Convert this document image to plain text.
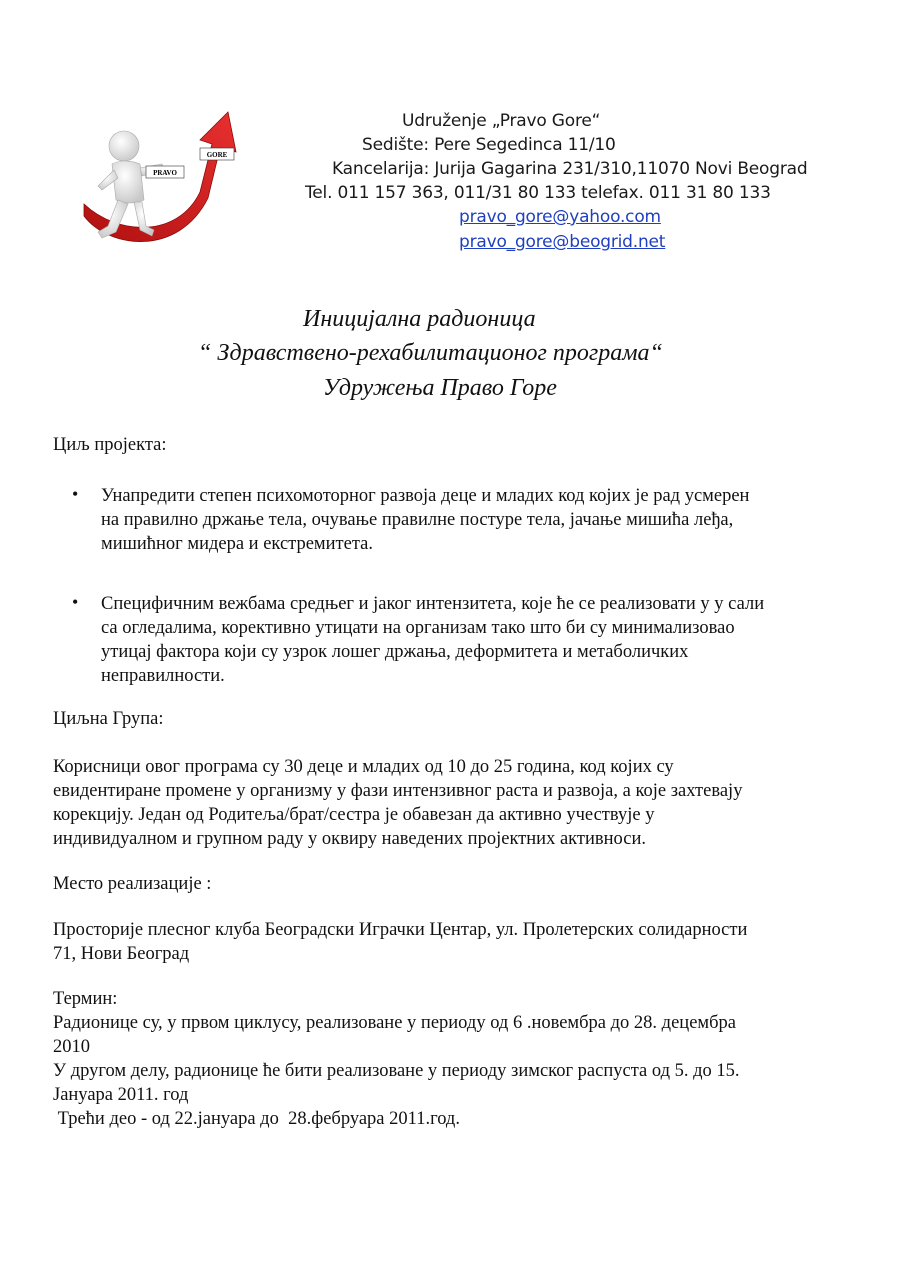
PRAVO
GORE
Udruženje „Pravo Gore“
Sedište: Pere Segedinca 11/10
Kancelarija: Jurija Gagarina 231/310,11070 Novi Beograd
Tel. 011 157 363, 011/31 80 133 telefax. 011 31 80 133
pravo_gore@yahoo.com
pravo_gore@beogrid.net
Иницијална радионица
“ Здравствено-рехабилитационог програма“
Удружења Право Горе
Циљ пројекта:
• Унапредити степен психомоторног развоја деце и младих код којих је рад усмерен
на правилно држање тела, очување правилне постуре тела, јачање мишића леђа,
мишићног мидера и екстремитета.
• Специфичним вежбама средњег и јаког интензитета, које ће се реализовати у у сали
са огледалима, корективно утицати на организам тако што би су минимализовао
утицај фактора који су узрок лошег држања, деформитета и метаболичких
неправилности.
Циљна Група:
Корисници овог програма су 30 деце и младих од 10 до 25 година, код којих су
евидентиране промене у организму у фази интензивног раста и развоја, а које захтевају
корекцију. Један од Родитеља/брат/сестра је обавезан да активно учествује у
индивидуалном и групном раду у оквиру наведених пројектних активноси.
Место реализације :
Просторије плесног клуба Београдски Играчки Центар, ул. Пролетерских солидарности
71, Нови Београд
Термин:
Радионице су, у првом циклусу, реализоване у периоду од 6 .новембра до 28. децембра
2010
У другом делу, радионице ће бити реализоване у периоду зимског распуста од 5. до 15.
Јануара 2011. год
Трећи део - од 22.јануара до  28.фебруара 2011.год.
